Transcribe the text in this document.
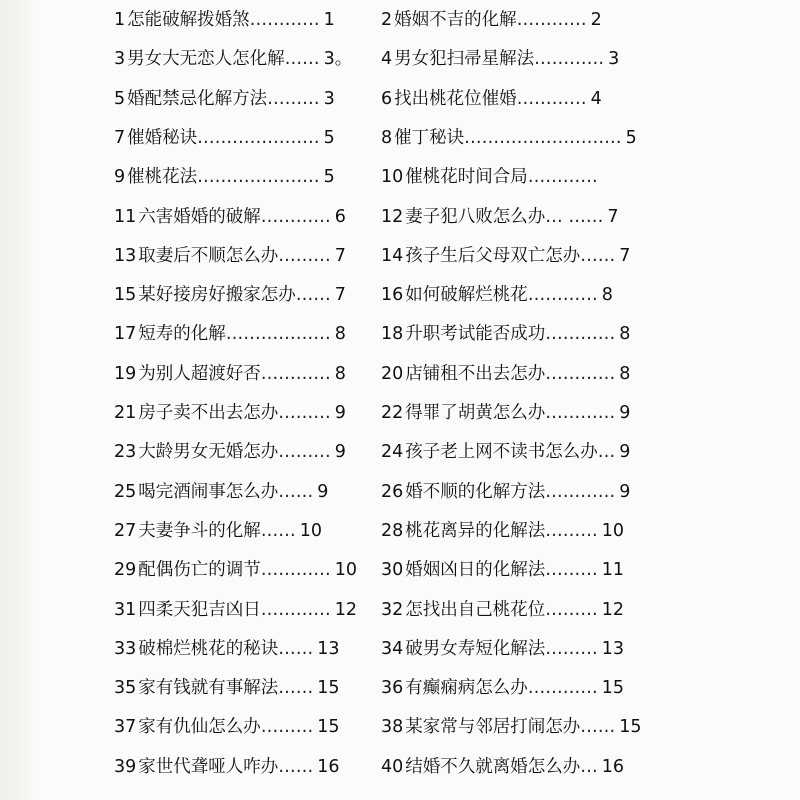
1 怎能破解拨婚煞 ………… 1
3 男女大无恋人怎化解 …… 3。
5 婚配禁忌化解方法 ……… 3
7 催婚秘诀 ………………… 5
9 催桃花法 ………………… 5
11 六害婚婚的破解 ………… 6
13 取妻后不顺怎么办 ……… 7
15 某好接房好搬家怎办 …… 7
17 短寿的化解 ……………… 8
19 为别人超渡好否 ………… 8
21 房子卖不出去怎办 ……… 9
23 大龄男女无婚怎办 ……… 9
25 喝完酒闹事怎么办 …… 9
27 夫妻争斗的化解 …… 10
29 配偶伤亡的调节 ………… 10
31 四柔天犯吉凶日 ………… 12
33 破棉烂桃花的秘诀 …… 13
35 家有钱就有事解法 …… 15
37 家有仇仙怎么办 ……… 15
39 家世代聋哑人咋办 …… 16
2 婚姻不吉的化解 ………… 2
4 男女犯扫帚星解法 ………… 3
6 找出桃花位催婚 ………… 4
8 催丁秘诀 ……………………… 5
10 催桃花时间合局 …………
12 妻子犯八败怎么办 … …… 7
14 孩子生后父母双亡怎办 …… 7
16 如何破解烂桃花 ………… 8
18 升职考试能否成功 ………… 8
20 店铺租不出去怎办 ………… 8
22 得罪了胡黄怎么办 ………… 9
24 孩子老上网不读书怎么办 … 9
26 婚不顺的化解方法 ………… 9
28 桃花离异的化解法 ……… 10
30 婚姻凶日的化解法 ……… 11
32 怎找出自己桃花位 ……… 12
34 破男女寿短化解法 ……… 13
36 有癫痫病怎么办 ………… 15
38 某家常与邻居打闹怎办 …… 15
40 结婚不久就离婚怎么办 … 16
